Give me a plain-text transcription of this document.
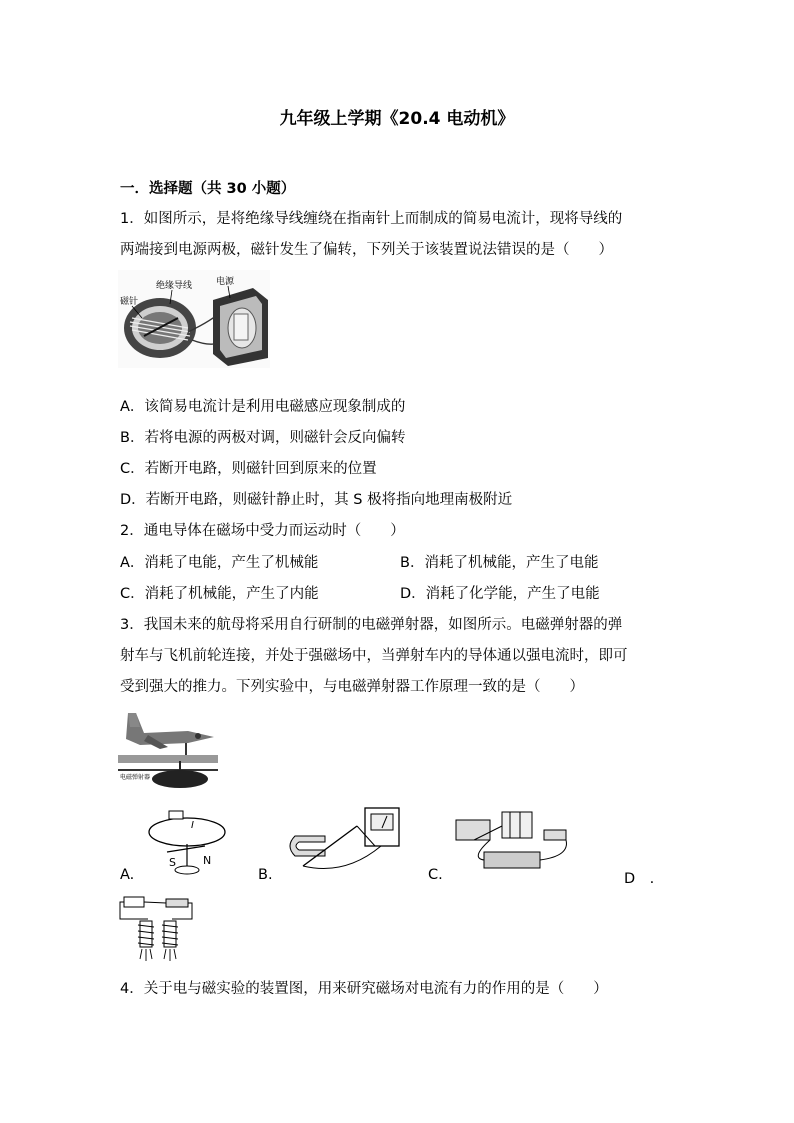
九年级上学期《20.4 电动机》
一．选择题（共 30 小题）
1．如图所示，是将绝缘导线缠绕在指南针上而制成的简易电流计，现将导线的
两端接到电源两极，磁针发生了偏转，下列关于该装置说法错误的是（　　）
磁针
绝缘导线	电源
A．该简易电流计是利用电磁感应现象制成的
B．若将电源的两极对调，则磁针会反向偏转
C．若断开电路，则磁针回到原来的位置
D．若断开电路，则磁针静止时，其 S 极将指向地理南极附近
2．通电导体在磁场中受力而运动时（　　）
A．消耗了电能，产生了机械能	B．消耗了机械能，产生了电能
C．消耗了机械能，产生了内能	D．消耗了化学能，产生了电能
3．我国未来的航母将采用自行研制的电磁弹射器，如图所示。电磁弹射器的弹
射车与飞机前轮连接，并处于强磁场中，当弹射车内的导体通以强电流时，即可
受到强大的推力。下列实验中，与电磁弹射器工作原理一致的是（　　）
电磁弹射器
I
S N
A.	B.	C.	D　.
4．关于电与磁实验的装置图，用来研究磁场对电流有力的作用的是（　　）
